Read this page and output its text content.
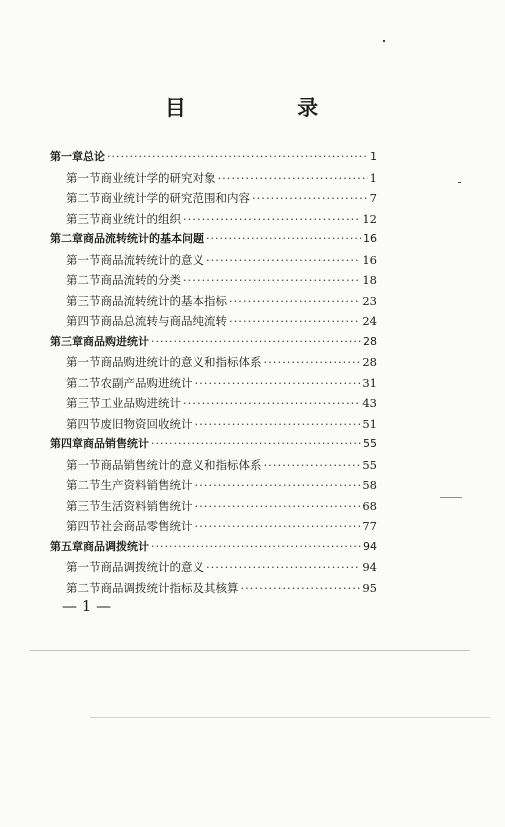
目 录
第一章 总论 ·····	1
第一节 商业统计学的研究对象 ·····	1
第二节 商业统计学的研究范围和内容 ·····	7
第三节 商业统计的组织 ·····	12
第二章 商品流转统计的基本问题 ·····	16
第一节 商品流转统计的意义 ·····	16
第二节 商品流转的分类 ·····	18
第三节 商品流转统计的基本指标 ·····	23
第四节 商品总流转与商品纯流转 ·····	24
第三章 商品购进统计 ·····	28
第一节 商品购进统计的意义和指标体系 ·····	28
第二节 农副产品购进统计 ·····	31
第三节 工业品购进统计 ·····	43
第四节 废旧物资回收统计 ·····	51
第四章 商品销售统计 ·····	55
第一节 商品销售统计的意义和指标体系 ·····	55
第二节 生产资料销售统计 ·····	58
第三节 生活资料销售统计 ·····	68
第四节 社会商品零售统计 ·····	77
第五章 商品调拨统计 ·····	94
第一节 商品调拨统计的意义 ·····	94
第二节 商品调拨统计指标及其核算 ·····	95
— 1 —
